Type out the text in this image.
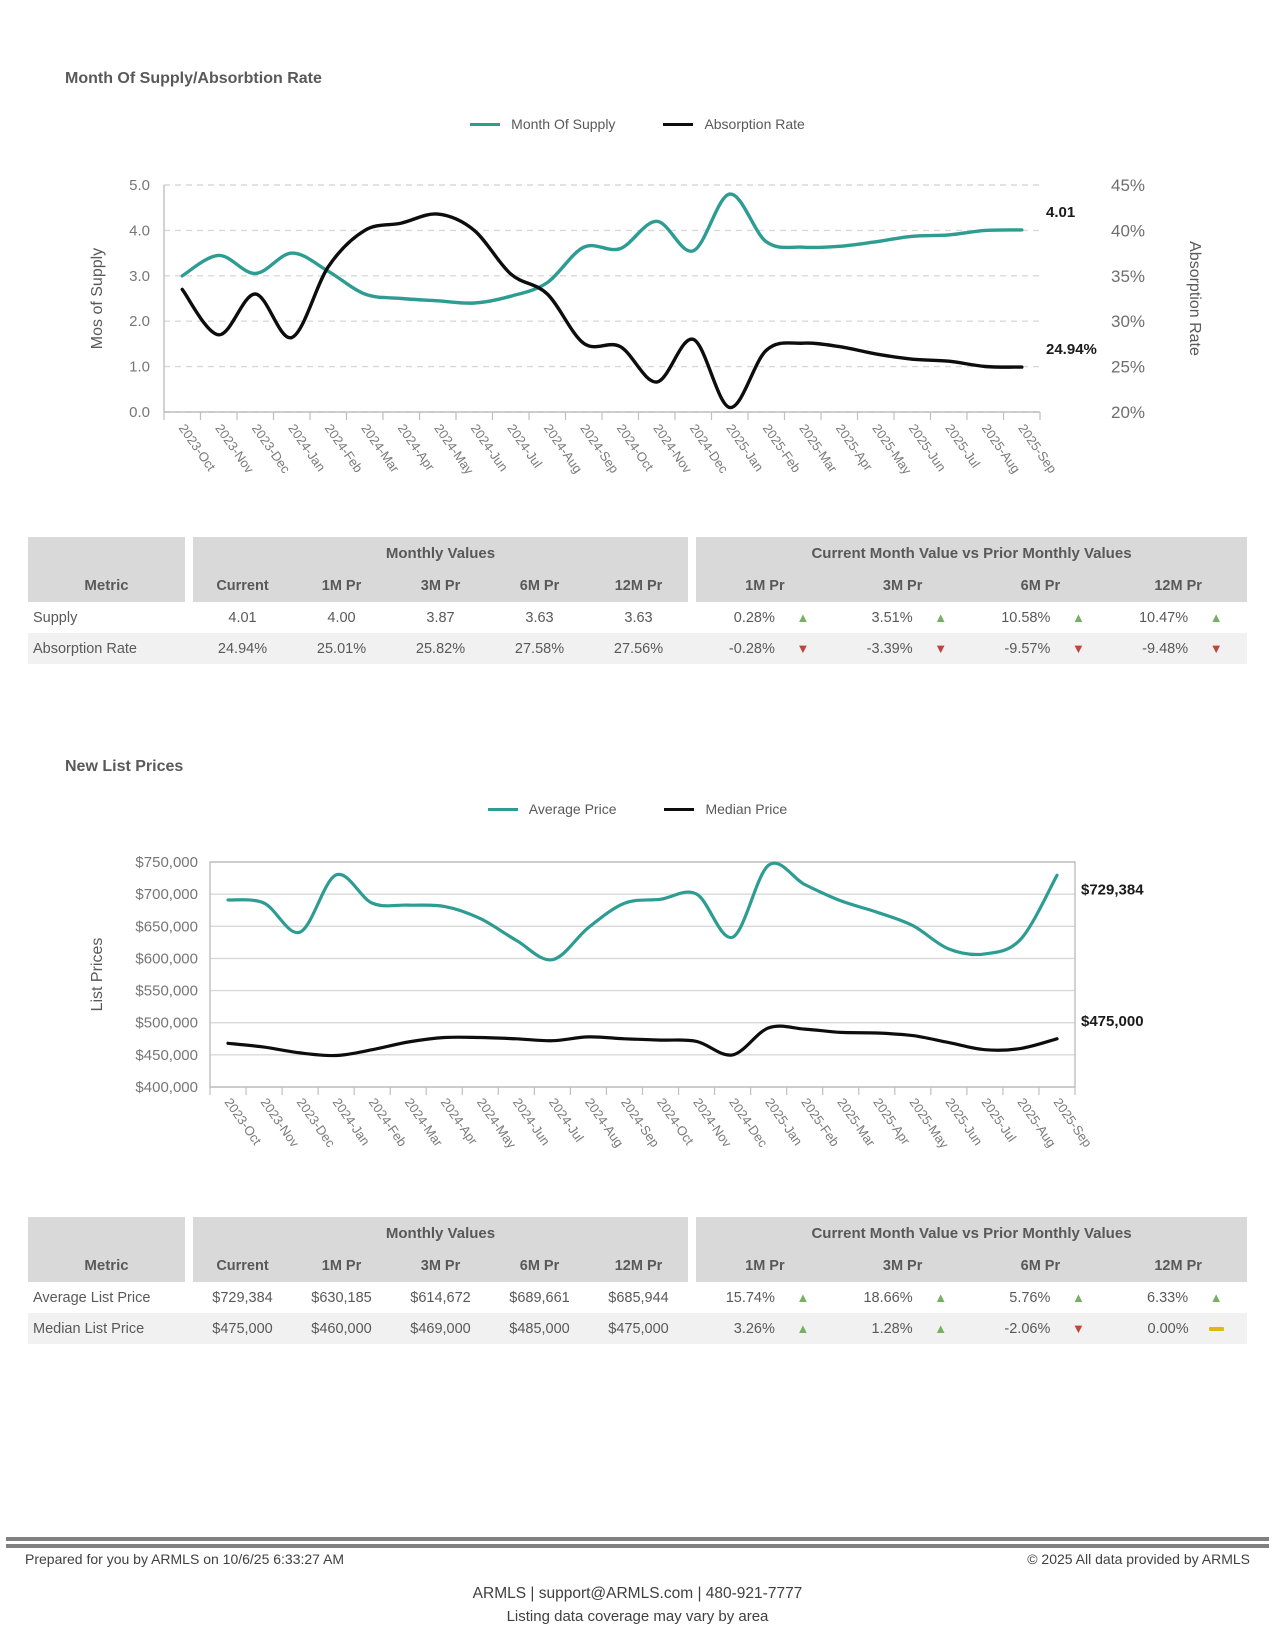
Month Of Supply/Absorbtion Rate
Month Of Supply	Absorption Rate
0.0
1.0
2.0
3.0
4.0
5.0
20%
25%
30%
35%
40%
45%
2023-Oct
2023-Nov
2023-Dec
2024-Jan
2024-Feb
2024-Mar
2024-Apr
2024-May
2024-Jun
2024-Jul
2024-Aug
2024-Sep
2024-Oct
2024-Nov
2024-Dec
2025-Jan
2025-Feb
2025-Mar
2025-Apr
2025-May
2025-Jun
2025-Jul
2025-Aug
2025-Sep
Mos of Supply	Absorption Rate
4.01
24.94%
Metric
Monthly Values
Current	1M Pr	3M Pr	6M Pr	12M Pr
Current Month Value vs Prior Monthly Values
1M Pr	3M Pr	6M Pr	12M Pr
Supply	4.01	4.00	3.87	3.63	3.63	0.28% ▲	3.51% ▲	10.58% ▲	10.47% ▲
Absorption Rate	24.94%	25.01%	25.82%	27.58%	27.56%	-0.28% ▼	-3.39% ▼	-9.57% ▼	-9.48% ▼
New List Prices
Average Price	Median Price
$400,000
$450,000
$500,000
$550,000
$600,000
$650,000
$700,000
$750,000
2023-Oct
2023-Nov
2023-Dec
2024-Jan
2024-Feb
2024-Mar
2024-Apr
2024-May
2024-Jun
2024-Jul
2024-Aug
2024-Sep
2024-Oct
2024-Nov
2024-Dec
2025-Jan
2025-Feb
2025-Mar
2025-Apr
2025-May
2025-Jun
2025-Jul
2025-Aug
2025-Sep
List Prices
$729,384
$475,000
Metric
Monthly Values
Current	1M Pr	3M Pr	6M Pr	12M Pr
Current Month Value vs Prior Monthly Values
1M Pr	3M Pr	6M Pr	12M Pr
Average List Price	$729,384	$630,185	$614,672	$689,661	$685,944	15.74% ▲	18.66% ▲	5.76% ▲	6.33% ▲
Median List Price	$475,000	$460,000	$469,000	$485,000	$475,000	3.26% ▲	1.28% ▲	-2.06% ▼	0.00%
Prepared for you by ARMLS on 10/6/25 6:33:27 AM	© 2025 All data provided by ARMLS
ARMLS | support@ARMLS.com | 480-921-7777
Listing data coverage may vary by area
